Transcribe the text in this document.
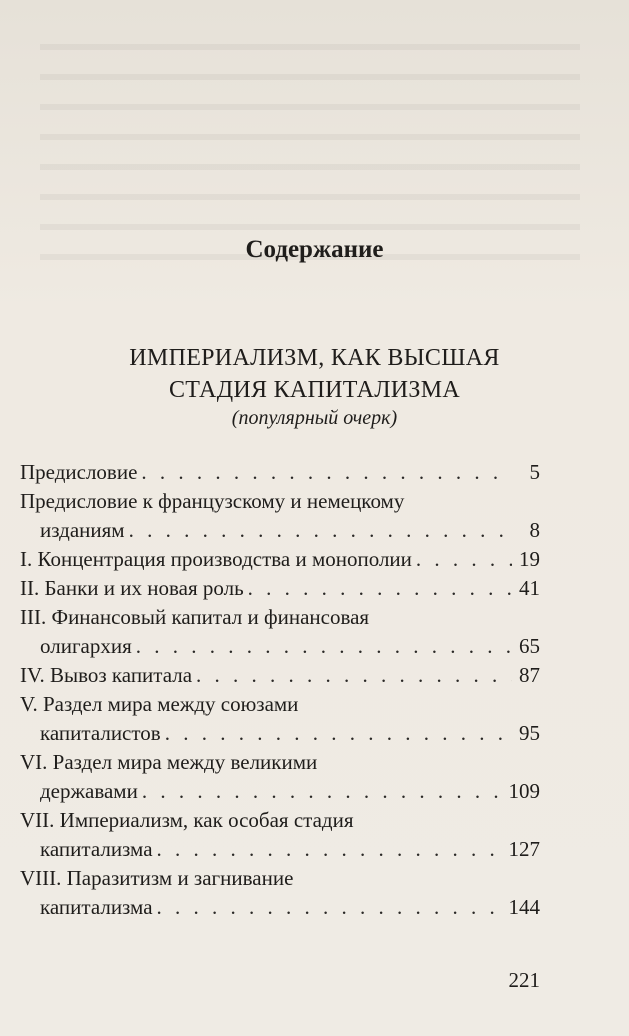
Содержание
ИМПЕРИАЛИЗМ, КАК ВЫСШАЯ
СТАДИЯ КАПИТАЛИЗМА
(популярный очерк)
Предисловие . . .	5
Предисловие к французскому и немецкому
изданиям . . .	8
I. Концентрация производства и монополии . . .	19
II. Банки и их новая роль . . .	41
III. Финансовый капитал и финансовая
олигархия . . .	65
IV. Вывоз капитала . . .	87
V. Раздел мира между союзами
капиталистов . . .	95
VI. Раздел мира между великими
державами . . .	109
VII. Империализм, как особая стадия
капитализма . . .	127
VIII. Паразитизм и загнивание
капитализма . . .	144
221
